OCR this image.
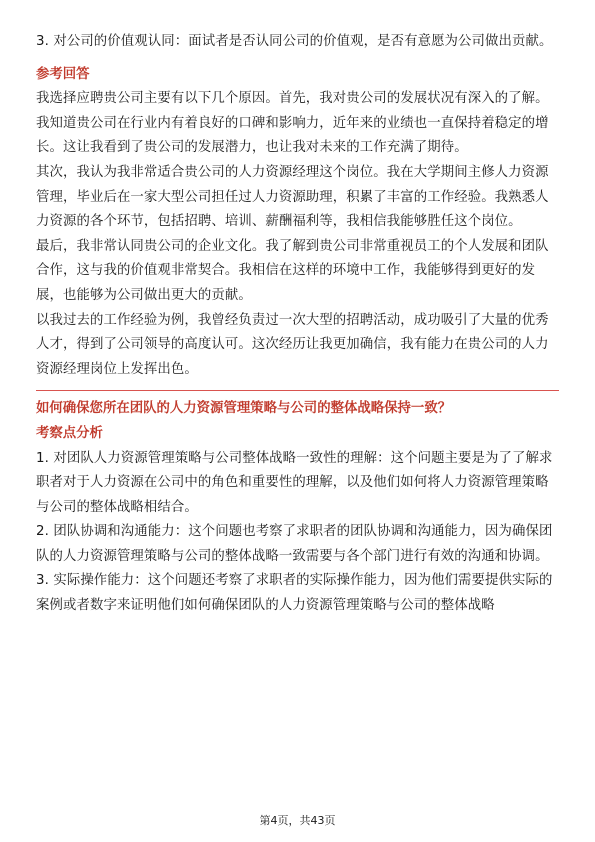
3. 对公司的价值观认同：面试者是否认同公司的价值观，是否有意愿为公司做出贡献。

参考回答

我选择应聘贵公司主要有以下几个原因。首先，我对贵公司的发展状况有深入的了解。我知道贵公司在行业内有着良好的口碑和影响力，近年来的业绩也一直保持着稳定的增长。这让我看到了贵公司的发展潜力，也让我对未来的工作充满了期待。

其次，我认为我非常适合贵公司的人力资源经理这个岗位。我在大学期间主修人力资源管理，毕业后在一家大型公司担任过人力资源助理，积累了丰富的工作经验。我熟悉人力资源的各个环节，包括招聘、培训、薪酬福利等，我相信我能够胜任这个岗位。

最后，我非常认同贵公司的企业文化。我了解到贵公司非常重视员工的个人发展和团队合作，这与我的价值观非常契合。我相信在这样的环境中工作，我能够得到更好的发展，也能够为公司做出更大的贡献。

以我过去的工作经验为例，我曾经负责过一次大型的招聘活动，成功吸引了大量的优秀人才，得到了公司领导的高度认可。这次经历让我更加确信，我有能力在贵公司的人力资源经理岗位上发挥出色。

如何确保您所在团队的人力资源管理策略与公司的整体战略保持一致？

考察点分析

1. 对团队人力资源管理策略与公司整体战略一致性的理解：这个问题主要是为了了解求职者对于人力资源在公司中的角色和重要性的理解，以及他们如何将人力资源管理策略与公司的整体战略相结合。

2. 团队协调和沟通能力：这个问题也考察了求职者的团队协调和沟通能力，因为确保团队的人力资源管理策略与公司的整体战略一致需要与各个部门进行有效的沟通和协调。

3. 实际操作能力：这个问题还考察了求职者的实际操作能力，因为他们需要提供实际的案例或者数字来证明他们如何确保团队的人力资源管理策略与公司的整体战略

第4页，共43页
